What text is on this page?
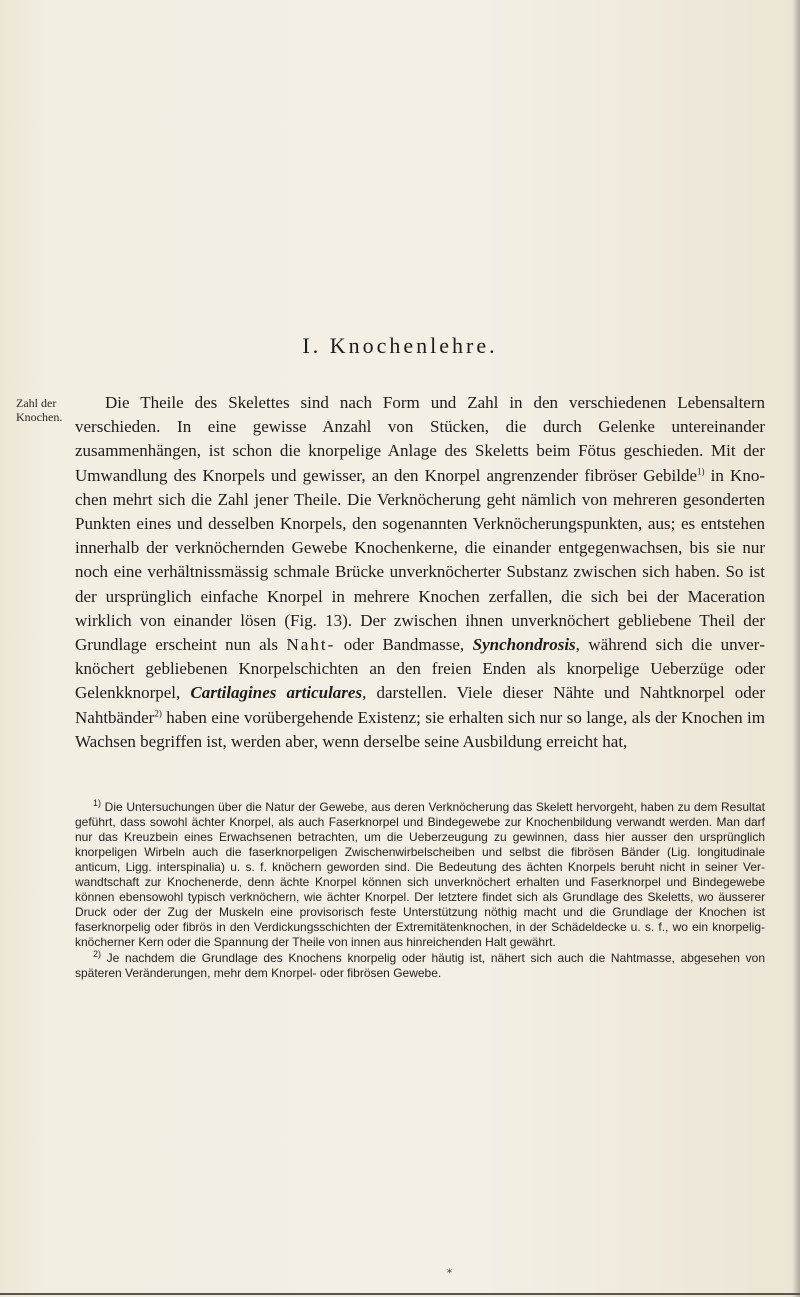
I. Knochenlehre.
Zahl der
Knochen.

Die Theile des Skelettes sind nach Form und Zahl in den verschiedenen Lebensaltern verschieden. In eine gewisse Anzahl von Stücken, die durch Gelenke untereinander zusammenhängen, ist schon die knorpelige Anlage des Skeletts beim Fötus geschieden. Mit der Umwandlung des Knorpels und gewisser, an den Knorpel angrenzender fibröser Gebilde$^{1)}$ in Knochen mehrt sich die Zahl jener Theile. Die Verknöcherung geht nämlich von mehreren gesonderten Punkten eines und desselben Knorpels, den sogenannten Verknöcherungspunkten, aus; es entstehen innerhalb der verknöchernden Gewebe Knochenkerne, die einander entgegenwachsen, bis sie nur noch eine verhältnissmässig schmale Brücke unverknöcherter Substanz zwischen sich haben. So ist der ursprünglich einfache Knorpel in mehrere Knochen zerfallen, die sich bei der Maceration wirklich von einander lösen (Fig. 13). Der zwischen ihnen unverknöchert gebliebene Theil der Grundlage erscheint nun als Naht- oder Bandmasse, Synchondrosis, während sich die unverknöchert gebliebenen Knorpelschichten an den freien Enden als knorpelige Ueberzüge oder Gelenkknorpel, Cartilagines articulares, darstellen. Viele dieser Nähte und Nahtknorpel oder Nahtbänder$^{2)}$ haben eine vorübergehende Existenz; sie erhalten sich nur so lange, als der Knochen im Wachsen begriffen ist, werden aber, wenn derselbe seine Ausbildung erreicht hat,

$^{1)}$ Die Untersuchungen über die Natur der Gewebe, aus deren Verknöcherung das Skelett hervorgeht, haben zu dem Resultat geführt, dass sowohl ächter Knorpel, als auch Faserknorpel und Bindegewebe zur Knochenbildung verwandt werden. Man darf nur das Kreuzbein eines Erwachsenen betrachten, um die Ueberzeugung zu gewinnen, dass hier ausser den ursprünglich knorpeligen Wirbeln auch die faserknorpeligen Zwischenwirbelscheiben und selbst die fibrösen Bänder (Lig. longitudinale anticum, Ligg. interspinalia) u. s. f. knöchern geworden sind. Die Bedeutung des ächten Knorpels beruht nicht in seiner Verwandtschaft zur Knochenerde, denn ächte Knorpel können sich unverknöchert erhalten und Faserknorpel und Bindegewebe können ebensowohl typisch verknöchern, wie ächter Knorpel. Der letztere findet sich als Grundlage des Skeletts, wo äusserer Druck oder der Zug der Muskeln eine provisorisch feste Unterstützung nöthig macht und die Grundlage der Knochen ist faserknorpelig oder fibrös in den Verdickungsschichten der Extremitätenknochen, in der Schädeldecke u. s. f., wo ein knorpelig-knöcherner Kern oder die Spannung der Theile von innen aus hinreichenden Halt gewährt.

$^{2)}$ Je nachdem die Grundlage des Knochens knorpelig oder häutig ist, nähert sich auch die Nahtmasse, abgesehen von späteren Veränderungen, mehr dem Knorpel- oder fibrösen Gewebe.

*
